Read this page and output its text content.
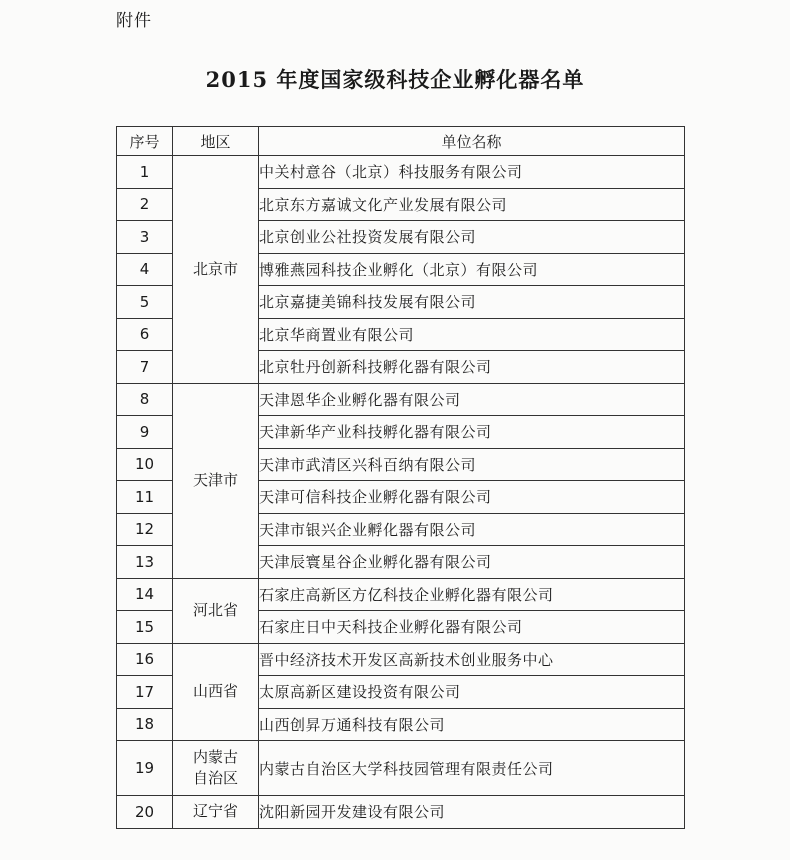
附件
2015 年度国家级科技企业孵化器名单
序号	地区	单位名称
1	北京市	中关村意谷（北京）科技服务有限公司
2		北京东方嘉诚文化产业发展有限公司
3		北京创业公社投资发展有限公司
4		博雅燕园科技企业孵化（北京）有限公司
5		北京嘉捷美锦科技发展有限公司
6		北京华商置业有限公司
7		北京牡丹创新科技孵化器有限公司
8	天津市	天津恩华企业孵化器有限公司
9		天津新华产业科技孵化器有限公司
10		天津市武清区兴科百纳有限公司
11		天津可信科技企业孵化器有限公司
12		天津市银兴企业孵化器有限公司
13		天津辰寰星谷企业孵化器有限公司
14	河北省	石家庄高新区方亿科技企业孵化器有限公司
15		石家庄日中天科技企业孵化器有限公司
16	山西省	晋中经济技术开发区高新技术创业服务中心
17		太原高新区建设投资有限公司
18		山西创昇万通科技有限公司
19	内蒙古自治区	内蒙古自治区大学科技园管理有限责任公司
20	辽宁省	沈阳新园开发建设有限公司
